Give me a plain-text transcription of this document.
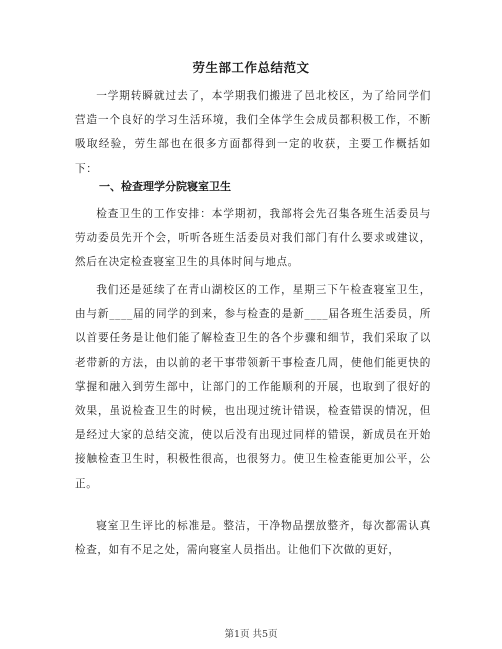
劳生部工作总结范文

一学期转瞬就过去了，本学期我们搬进了邑北校区，为了给同学们营造一个良好的学习生活环境，我们全体学生会成员都积极工作，不断吸取经验，劳生部也在很多方面都得到一定的收获，主要工作概括如下：

一、检查理学分院寝室卫生

检查卫生的工作安排：本学期初，我部将会先召集各班生活委员与劳动委员先开个会，听听各班生活委员对我们部门有什么要求或建议，然后在决定检查寝室卫生的具体时间与地点。

我们还是延续了在青山湖校区的工作，星期三下午检查寝室卫生，由与新____届的同学的到来，参与检查的是新____届各班生活委员，所以首要任务是让他们能了解检查卫生的各个步骤和细节，我们采取了以老带新的方法，由以前的老干事带领新干事检查几周，使他们能更快的掌握和融入到劳生部中，让部门的工作能顺利的开展，也取到了很好的效果，虽说检查卫生的时候，也出现过统计错误，检查错误的情况，但是经过大家的总结交流，使以后没有出现过同样的错误，新成员在开始接触检查卫生时，积极性很高，也很努力。使卫生检查能更加公平，公正。

寝室卫生评比的标准是。整洁，干净物品摆放整齐，每次都需认真检查，如有不足之处，需向寝室人员指出。让他们下次做的更好，

第1页 共5页
